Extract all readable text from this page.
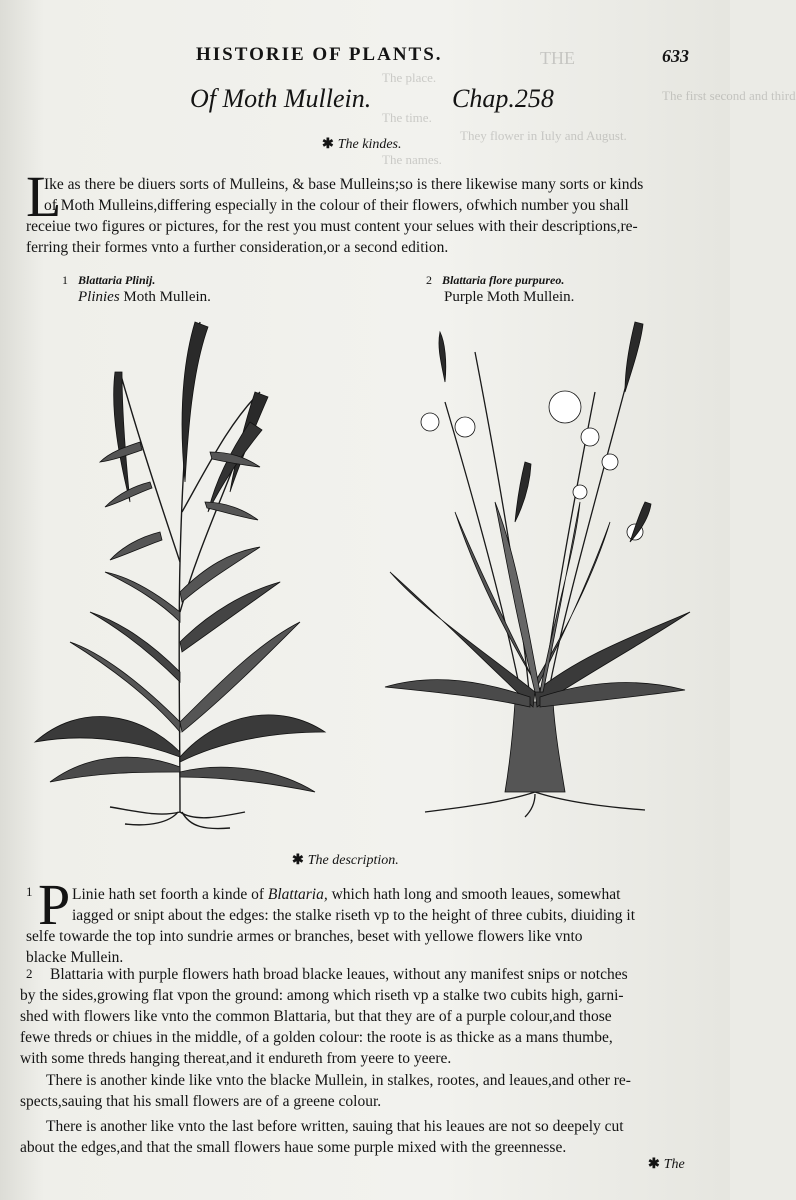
THE
The place.
The first second and third
The time.
They flower in Iuly and August.
The names.
HISTORIE OF PLANTS.	633
Of Moth Mullein.	Chap.258
✱ The kindes.
L
Ike as there be diuers sorts of Mulleins, & base Mulleins;so is there likewise many sorts or kinds
of Moth Mulleins,differing especially in the colour of their flowers, ofwhich number you shall
receiue two figures or pictures, for the rest you must content your selues with their descriptions,re-
ferring their formes vnto a further consideration,or a second edition.
1 Blattaria Plinij.
Plinies Moth Mullein.
2 Blattaria flore purpureo.
Purple Moth Mullein.
✱ The description.
1 P Linie hath set foorth a kinde of Blattaria, which hath long and smooth leaues, somewhat
iagged or snipt about the edges: the stalke riseth vp to the height of three cubits, diuiding it
selfe towarde the top into sundrie armes or branches, beset with yellowe flowers like vnto
blacke Mullein.
2 Blattaria with purple flowers hath broad blacke leaues, without any manifest snips or notches
by the sides,growing flat vpon the ground: among which riseth vp a stalke two cubits high, garni-
shed with flowers like vnto the common Blattaria, but that they are of a purple colour,and those
fewe threds or chiues in the middle, of a golden colour: the roote is as thicke as a mans thumbe,
with some threds hanging thereat,and it endureth from yeere to yeere.
There is another kinde like vnto the blacke Mullein, in stalkes, rootes, and leaues,and other re-
spects,sauing that his small flowers are of a greene colour.
There is another like vnto the last before written, sauing that his leaues are not so deepely cut
about the edges,and that the small flowers haue some purple mixed with the greennesse.
✱ The
